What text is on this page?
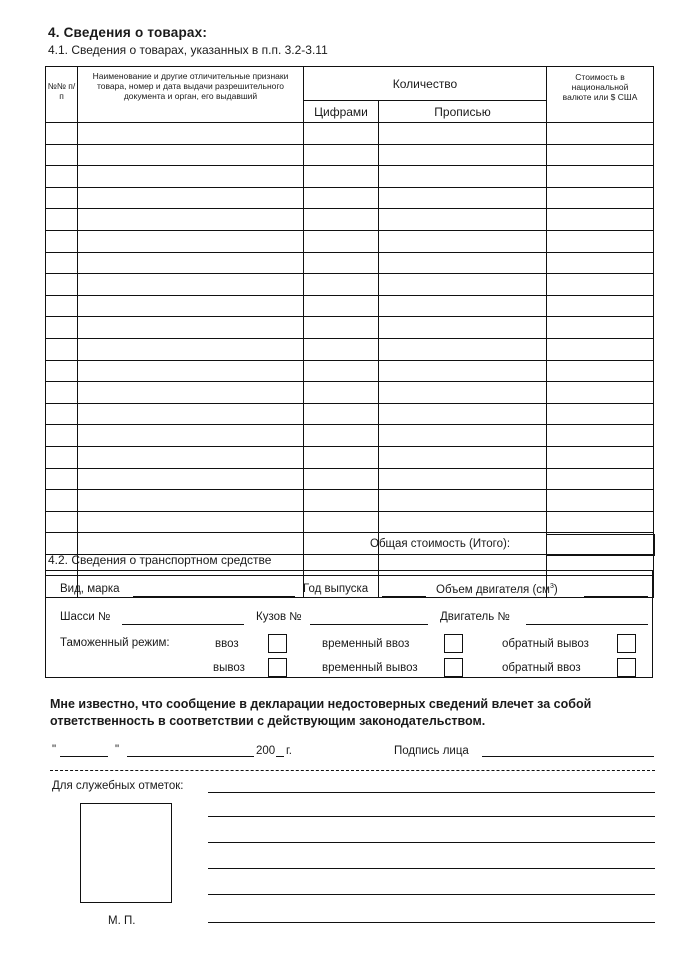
4. Сведения о товарах:
4.1. Сведения о товарах, указанных в п.п. 3.2-3.11
№№ п/п	Наименование и другие отличительные признаки товара, номер и дата выдачи разрешительного документа и орган, его выдавший	Количество		Стоимость в национальной валюте или $ США
		Цифрами	Прописью	

Общая стоимость (Итого):
4.2. Сведения о транспортном средстве
Вид, марка	Год выпуска	Объем двигателя $(см^3)$
Шасси №	Кузов №	Двигатель №
Таможенный режим:	ввоз	временный ввоз	обратный вывоз
вывоз	временный вывоз	обратный ввоз
Мне известно, что сообщение в декларации недостоверных сведений влечет за собой ответственность в соответствии с действующим законодательством.
"	"	200 г.	Подпись лица
Для служебных отметок:
М. П.
